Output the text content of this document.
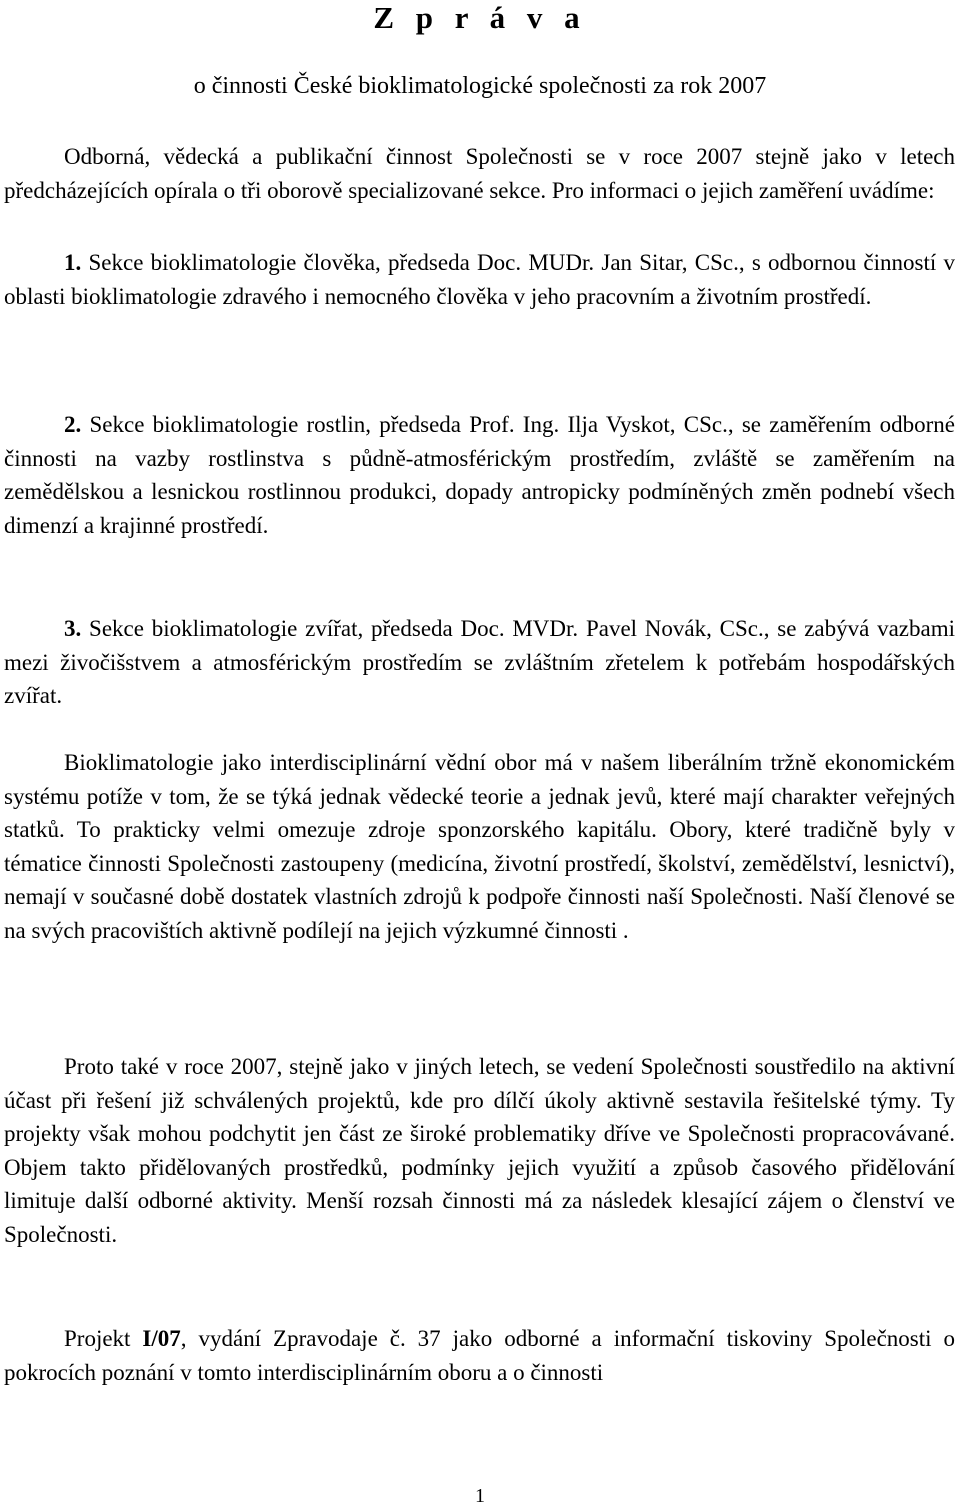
Z p r á v a
o činnosti České bioklimatologické společnosti za rok 2007
Odborná, vědecká a publikační činnost Společnosti se v roce 2007 stejně jako v letech předcházejících opírala o tři oborově specializované sekce. Pro informaci o jejich zaměření uvádíme:
1. Sekce bioklimatologie člověka, předseda Doc. MUDr. Jan Sitar, CSc., s odbornou činností v oblasti bioklimatologie zdravého i nemocného člověka v jeho pracovním a životním prostředí.
2. Sekce bioklimatologie rostlin, předseda Prof. Ing. Ilja Vyskot, CSc., se zaměřením odborné činnosti na vazby rostlinstva s půdně-atmosférickým prostředím, zvláště se zaměřením na zemědělskou a lesnickou rostlinnou produkci, dopady antropicky podmíněných změn podnebí všech dimenzí a krajinné prostředí.
3. Sekce bioklimatologie zvířat, předseda Doc. MVDr. Pavel Novák, CSc., se zabývá vazbami mezi živočišstvem a atmosférickým prostředím se zvláštním zřetelem k potřebám hospodářských zvířat.
Bioklimatologie jako interdisciplinární vědní obor má v našem liberálním tržně ekonomickém systému potíže v tom, že se týká jednak vědecké teorie a jednak jevů, které mají charakter veřejných statků. To prakticky velmi omezuje zdroje sponzorského kapitálu. Obory, které tradičně byly v tématice činnosti Společnosti zastoupeny (medicína, životní prostředí, školství, zemědělství, lesnictví), nemají v současné době dostatek vlastních zdrojů k podpoře činnosti naší Společnosti. Naší členové se na svých pracovištích aktivně podílejí na jejich výzkumné činnosti .
Proto také v roce 2007, stejně jako v jiných letech, se vedení Společnosti soustředilo na aktivní účast při řešení již schválených projektů, kde pro dílčí úkoly aktivně sestavila řešitelské týmy. Ty projekty však mohou podchytit jen část ze široké problematiky dříve ve Společnosti propracovávané. Objem takto přidělovaných prostředků, podmínky jejich využití a způsob časového přidělování limituje další odborné aktivity. Menší rozsah činnosti má za následek klesající zájem o členství ve Společnosti.
Projekt I/07, vydání Zpravodaje č. 37 jako odborné a informační tiskoviny Společnosti o pokrocích poznání v tomto interdisciplinárním oboru a o činnosti
1
